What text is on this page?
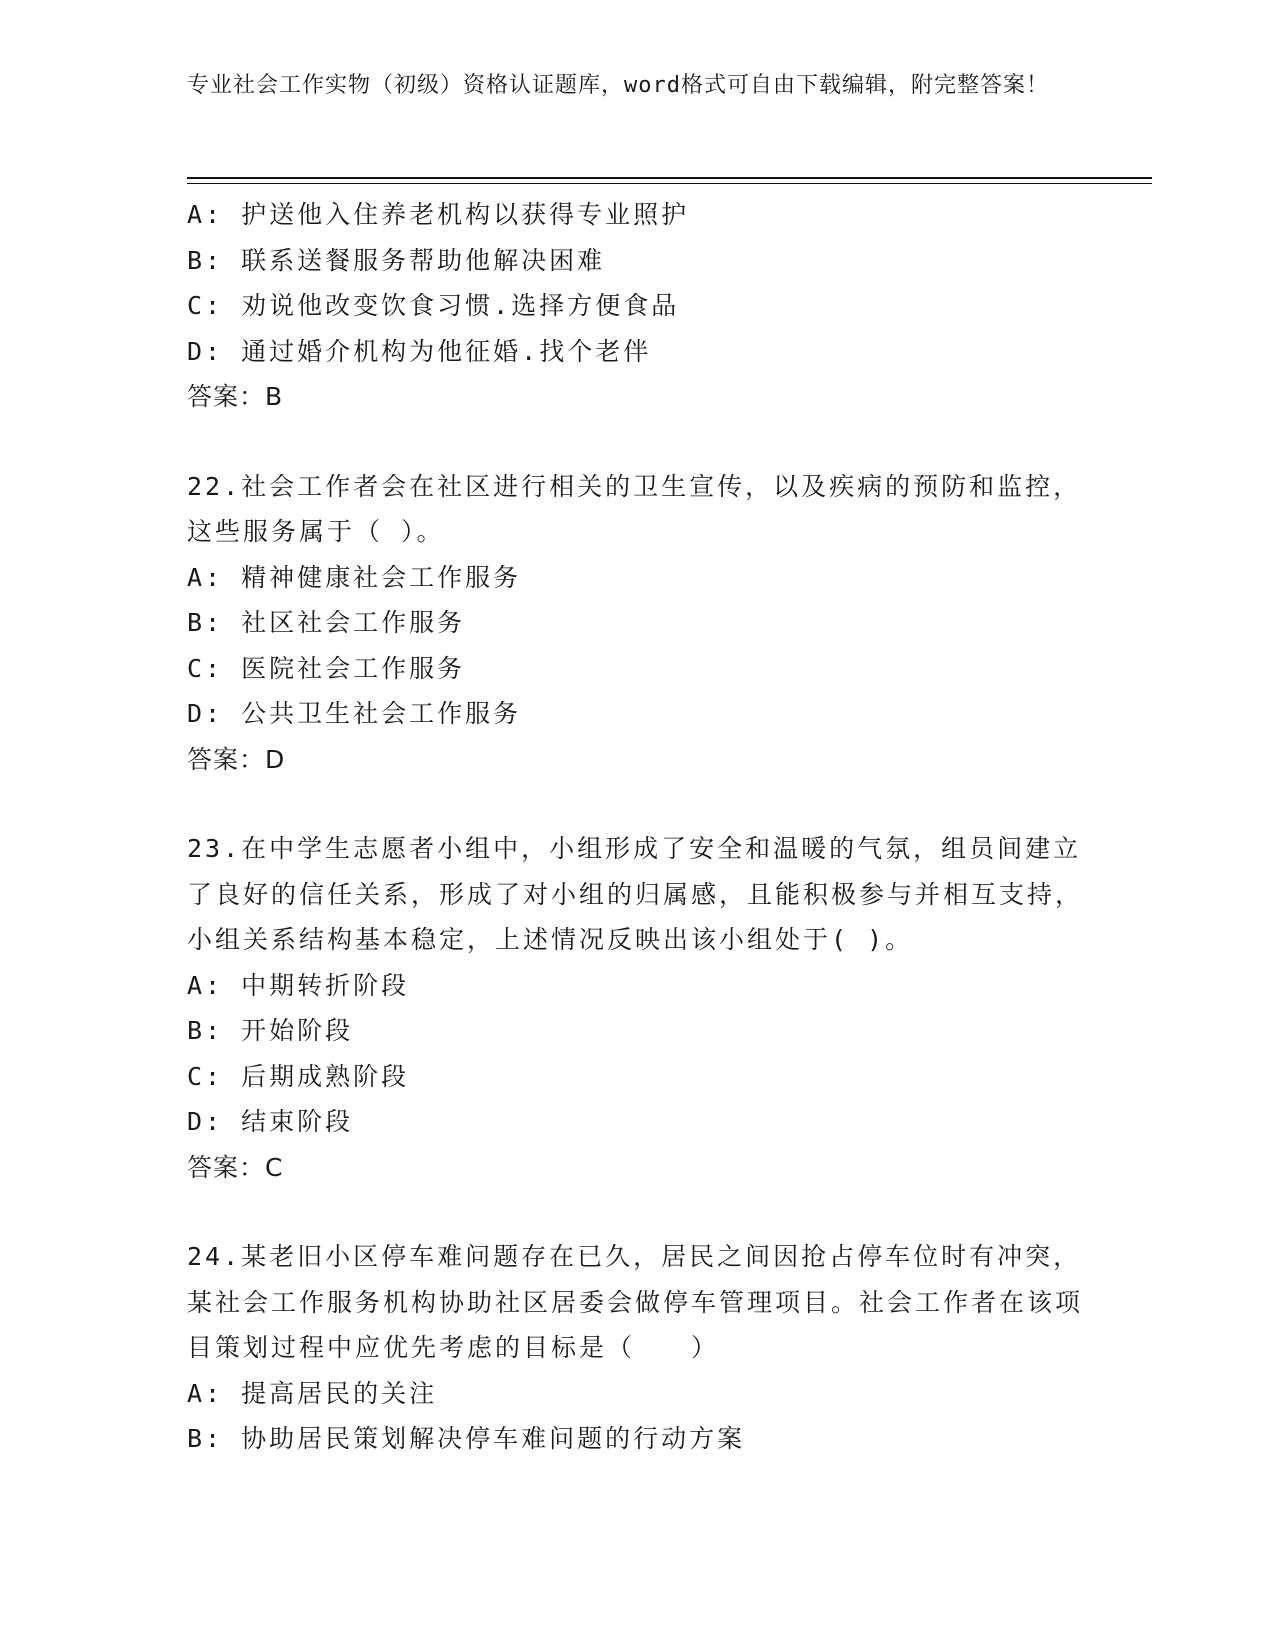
专业社会工作实物（初级）资格认证题库，word格式可自由下载编辑，附完整答案！
A: 护送他入住养老机构以获得专业照护
B: 联系送餐服务帮助他解决困难
C: 劝说他改变饮食习惯.选择方便食品
D: 通过婚介机构为他征婚.找个老伴
答案：B
22.社会工作者会在社区进行相关的卫生宣传，以及疾病的预防和监控，这些服务属于（ ）。
A: 精神健康社会工作服务
B: 社区社会工作服务
C: 医院社会工作服务
D: 公共卫生社会工作服务
答案：D
23.在中学生志愿者小组中，小组形成了安全和温暖的气氛，组员间建立了良好的信任关系，形成了对小组的归属感，且能积极参与并相互支持，小组关系结构基本稳定，上述情况反映出该小组处于( )。
A: 中期转折阶段
B: 开始阶段
C: 后期成熟阶段
D: 结束阶段
答案：C
24.某老旧小区停车难问题存在已久，居民之间因抢占停车位时有冲突，某社会工作服务机构协助社区居委会做停车管理项目。社会工作者在该项目策划过程中应优先考虑的目标是（　　）
A: 提高居民的关注
B: 协助居民策划解决停车难问题的行动方案
